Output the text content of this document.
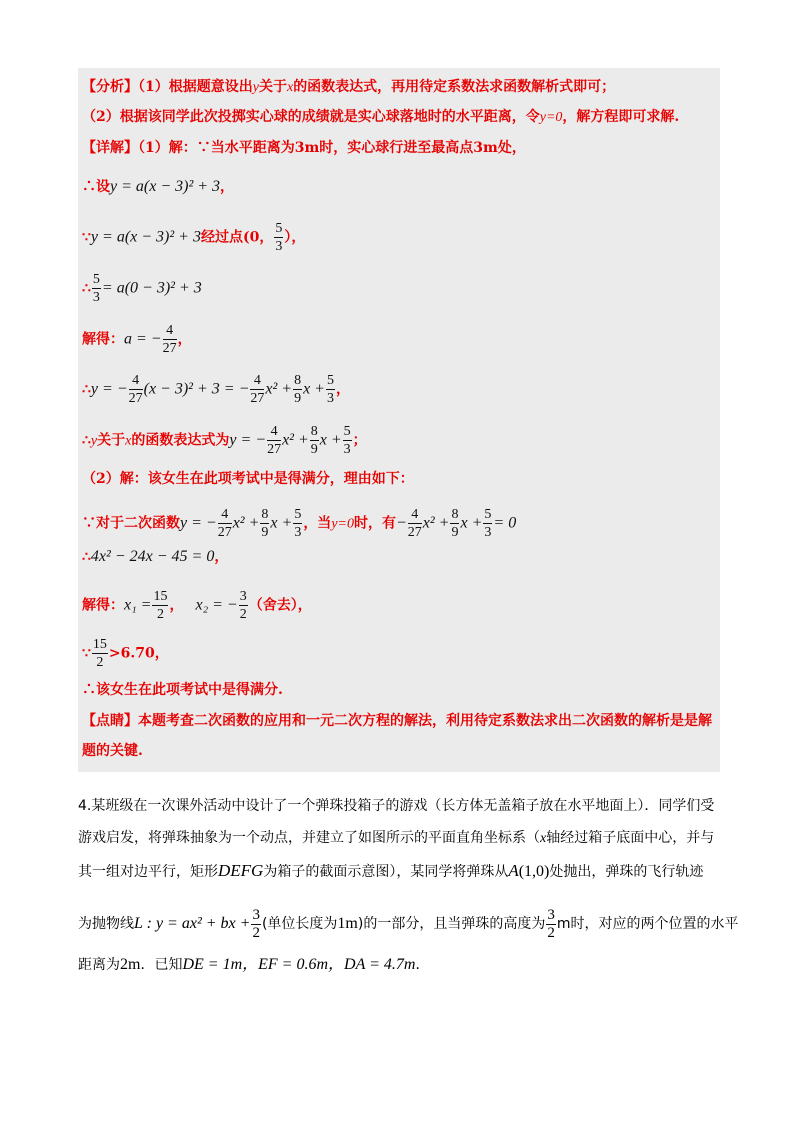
【分析】（1）根据题意设出y关于x的函数表达式，再用待定系数法求函数解析式即可；
（2）根据该同学此次投掷实心球的成绩就是实心球落地时的水平距离，令y=0，解方程即可求解.
【详解】（1）解：∵当水平距离为3m时，实心球行进至最高点3m处，
∴设y = a(x − 3)² + 3，
∵y = a(x − 3)² + 3经过点(0， $\frac{5}{3}$ ），
∴ $\frac{5}{3} = a(0 - 3)^2 + 3$
解得：a = − $\frac{4}{27}$ ，
∴y = − $\frac{4}{27} (x - 3)^2 + 3$ = − $\frac{4}{27} x^2 + \frac{8}{9}$ $x + \frac{5}{3}$ ，
∴y关于x的函数表达式为y = − $\frac{4}{27} x^2 + \frac{8}{9}$ $x + \frac{5}{3}$ ；
（2）解：该女生在此项考试中是得满分，理由如下：
∵对于二次函数y = − $\frac{4}{27} x^2 + \frac{8}{9}$ $x + \frac{5}{3}$ ，当y=0时，有− $\frac{4}{27} x^2 + \frac{8}{9}$ $x + \frac{5}{3} = 0$
∴4x² − 24x − 45 = 0，
解得：$x_1 = \frac{15}{2}$ ， x₂ = − $\frac{3}{2}$ （舍去），
∵ $\frac{15}{2} >6.70$，
∴该女生在此项考试中是得满分.
【点睛】本题考查二次函数的应用和一元二次方程的解法，利用待定系数法求出二次函数的解析是是解
题的关键.
4.某班级在一次课外活动中设计了一个弹珠投箱子的游戏（长方体无盖箱子放在水平地面上）．同学们受
游戏启发，将弹珠抽象为一个动点，并建立了如图所示的平面直角坐标系（x轴经过箱子底面中心，并与
其一组对边平行，矩形DEFG为箱子的截面示意图），某同学将弹珠从A(1,0)处抛出，弹珠的飞行轨迹
为抛物线L : y = ax² + bx + $\frac{3}{2}$ (单位长度为1m)的一部分，且当弹珠的高度为 $\frac{3}{2}$ m时，对应的两个位置的水平
距离为2m．已知DE = 1m，EF = 0.6m，DA = 4.7m．
